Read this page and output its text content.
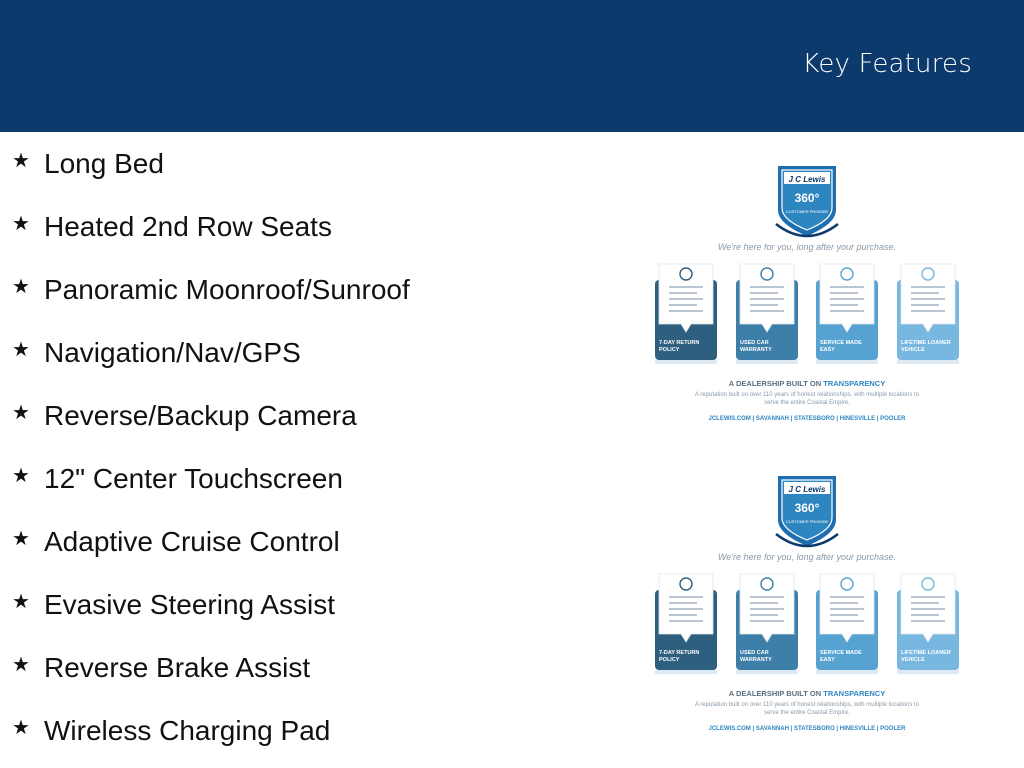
Key Features
★ Long Bed
★ Heated 2nd Row Seats
★ Panoramic Moonroof/Sunroof
★ Navigation/Nav/GPS
★ Reverse/Backup Camera
★ 12" Center Touchscreen
★ Adaptive Cruise Control
★ Evasive Steering Assist
★ Reverse Brake Assist
★ Wireless Charging Pad
J C Lewis
360°
CUSTOMER PROMISE
We're here for you, long after your purchase.
7-DAY RETURN
POLICY
USED CAR
WARRANTY
SERVICE MADE
EASY
LIFETIME LOANER
VEHICLE
A DEALERSHIP BUILT ON TRANSPARENCY
A reputation built on over 110 years of honest relationships, with multiple locations to
serve the entire Coastal Empire.
JCLEWIS.COM | SAVANNAH | STATESBORO | HINESVILLE | POOLER
J C Lewis
360°
CUSTOMER PROMISE
We're here for you, long after your purchase.
7-DAY RETURN
POLICY
USED CAR
WARRANTY
SERVICE MADE
EASY
LIFETIME LOANER
VEHICLE
A DEALERSHIP BUILT ON TRANSPARENCY
A reputation built on over 110 years of honest relationships, with multiple locations to
serve the entire Coastal Empire.
JCLEWIS.COM | SAVANNAH | STATESBORO | HINESVILLE | POOLER
